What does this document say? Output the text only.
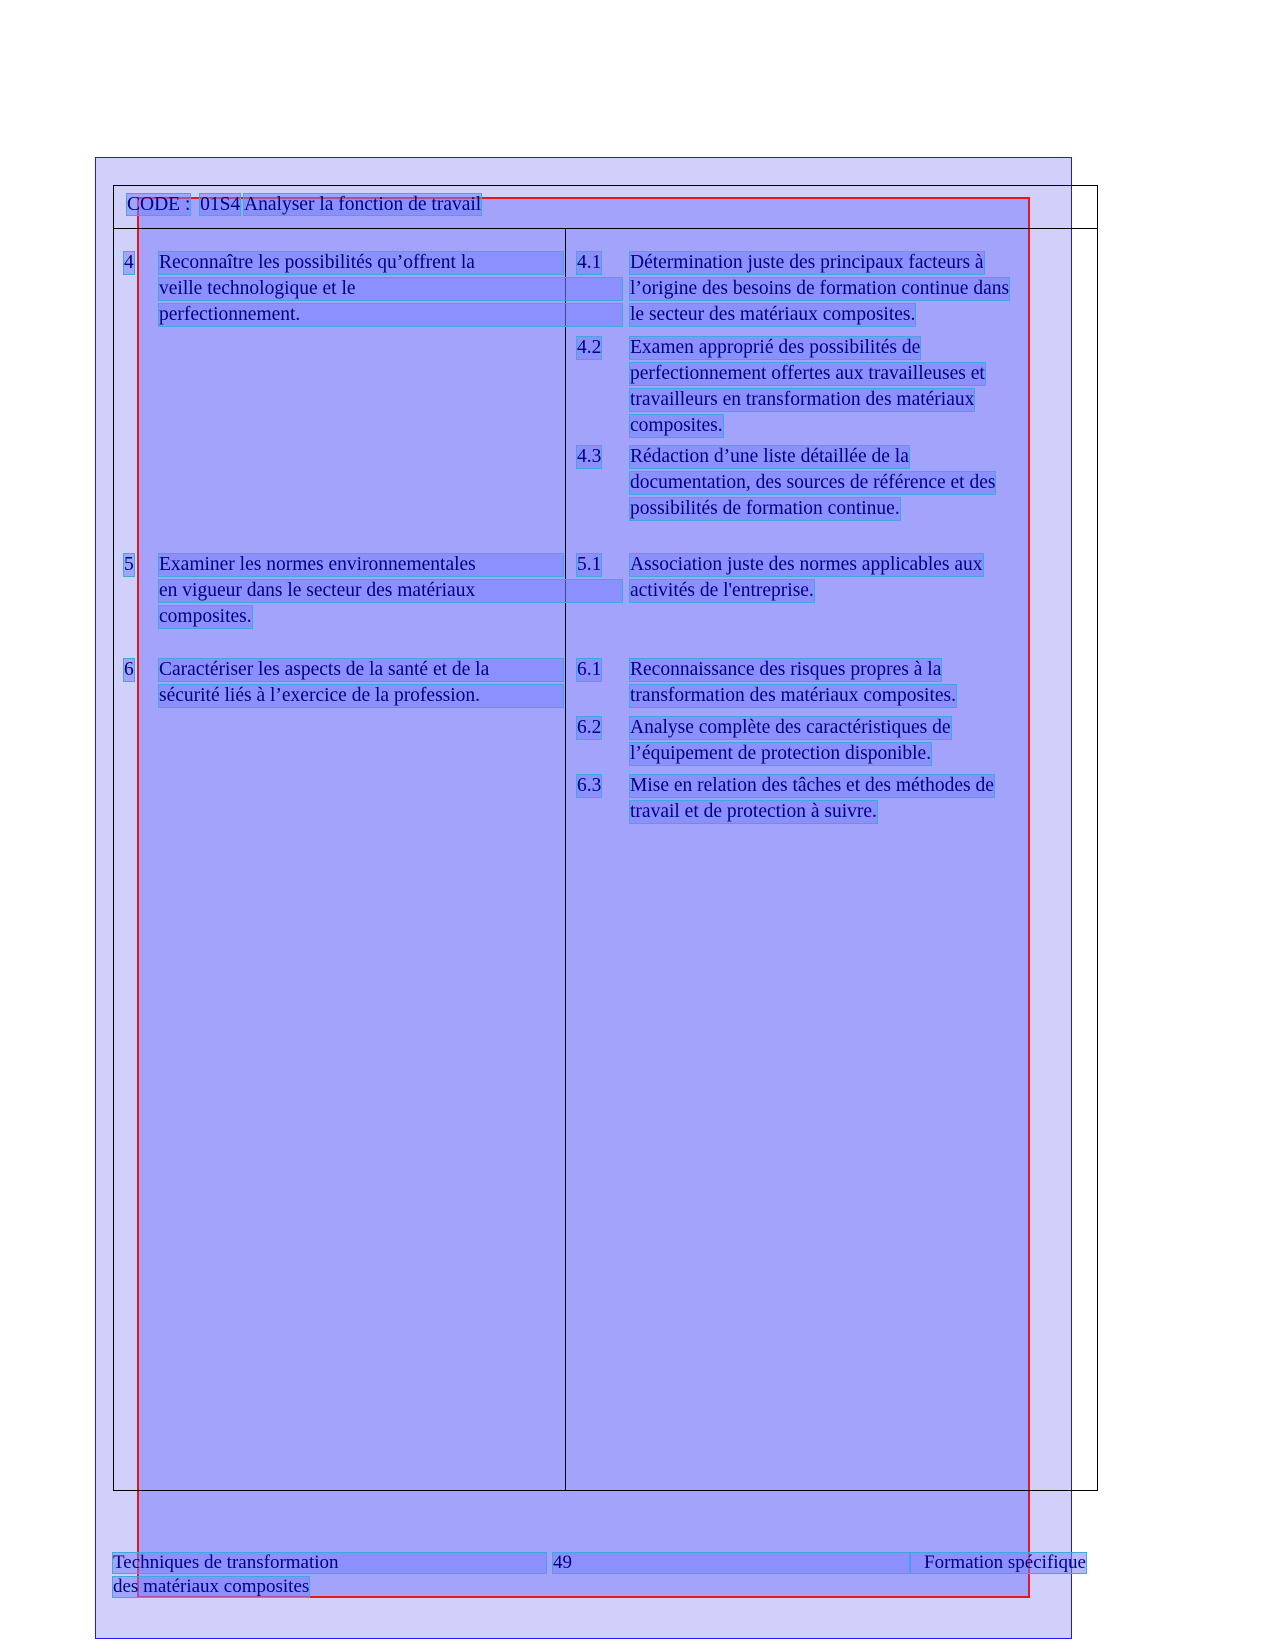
CODE : 01S4 Analyser la fonction de travail
4 Reconnaître les possibilités qu’offrent la
veille technologique et le
perfectionnement.
5 Examiner les normes environnementales
en vigueur dans le secteur des matériaux
composites.
6 Caractériser les aspects de la santé et de la
sécurité liés à l’exercice de la profession.
4.1 Détermination juste des principaux facteurs à
l’origine des besoins de formation continue dans
le secteur des matériaux composites.
4.2 Examen approprié des possibilités de
perfectionnement offertes aux travailleuses et
travailleurs en transformation des matériaux
composites.
4.3 Rédaction d’une liste détaillée de la
documentation, des sources de référence et des
possibilités de formation continue.
5.1 Association juste des normes applicables aux
activités de l'entreprise.
6.1 Reconnaissance des risques propres à la
transformation des matériaux composites.
6.2 Analyse complète des caractéristiques de
l’équipement de protection disponible.
6.3 Mise en relation des tâches et des méthodes de
travail et de protection à suivre.
Techniques de transformation
des matériaux composites
49	Formation spécifique
